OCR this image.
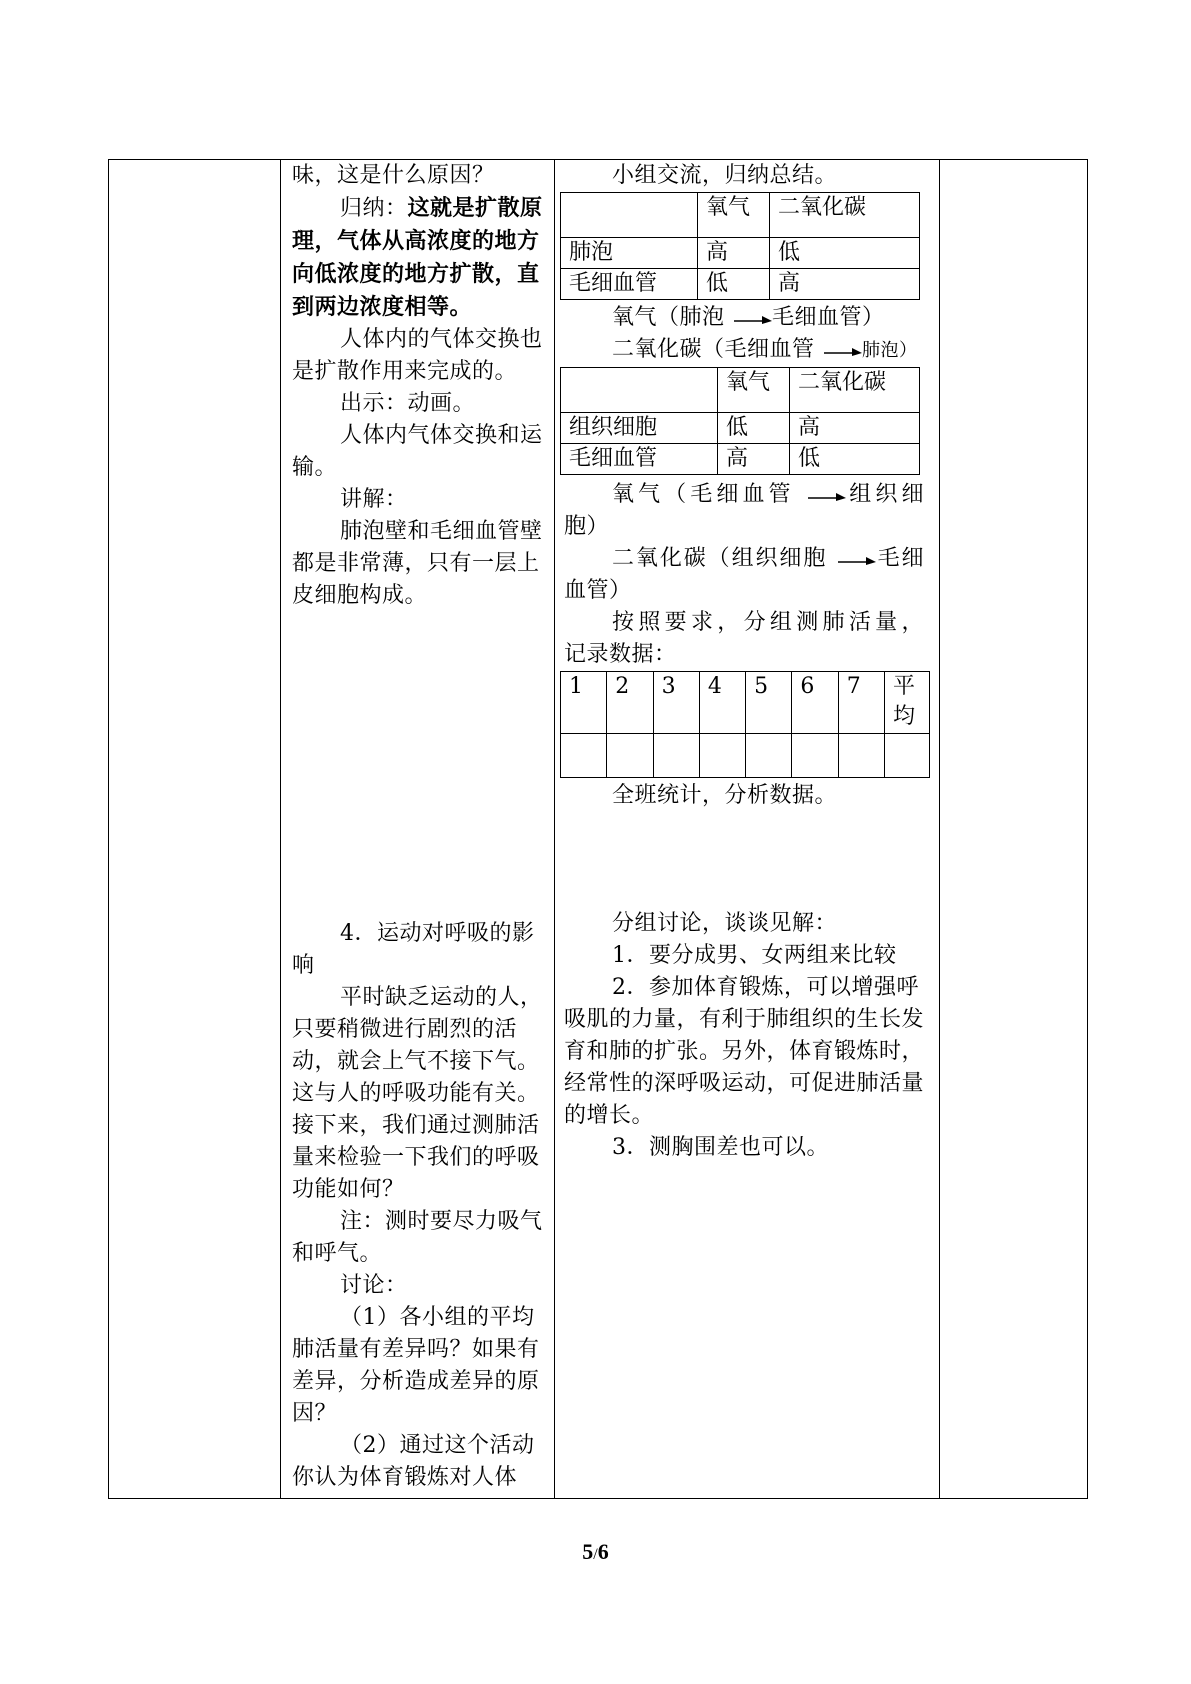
味，这是什么原因？

归纳：这就是扩散原理，气体从高浓度的地方向低浓度的地方扩散，直到两边浓度相等。

人体内的气体交换也是扩散作用来完成的。

出示：动画。

人体内气体交换和运输。

讲解：

肺泡壁和毛细血管壁都是非常薄，只有一层上皮细胞构成。

4．运动对呼吸的影响

平时缺乏运动的人，只要稍微进行剧烈的活动，就会上气不接下气。这与人的呼吸功能有关。接下来，我们通过测肺活量来检验一下我们的呼吸功能如何？

注：测时要尽力吸气和呼气。

讨论：

（1）各小组的平均肺活量有差异吗？如果有差异，分析造成差异的原因？

（2）通过这个活动你认为体育锻炼对人体

小组交流，归纳总结。

	氧气	二氧化碳
肺泡	高	低
毛细血管	低	高

氧气（肺泡 毛细血管）

二氧化碳（毛细血管	肺泡）

	氧气	二氧化碳
组织细胞	低	高
毛细血管	高	低

氧气（毛细血管 组织细

胞）

二氧化碳（组织细胞 毛细

血管）

按照要求，分组测肺活量，

记录数据：

1	2	3	4	5	6	7	平均

全班统计，分析数据。

分组讨论，谈谈见解：

1．要分成男、女两组来比较

2．参加体育锻炼，可以增强呼吸肌的力量，有利于肺组织的生长发育和肺的扩张。另外，体育锻炼时，经常性的深呼吸运动，可促进肺活量的增长。

3．测胸围差也可以。

5/6
